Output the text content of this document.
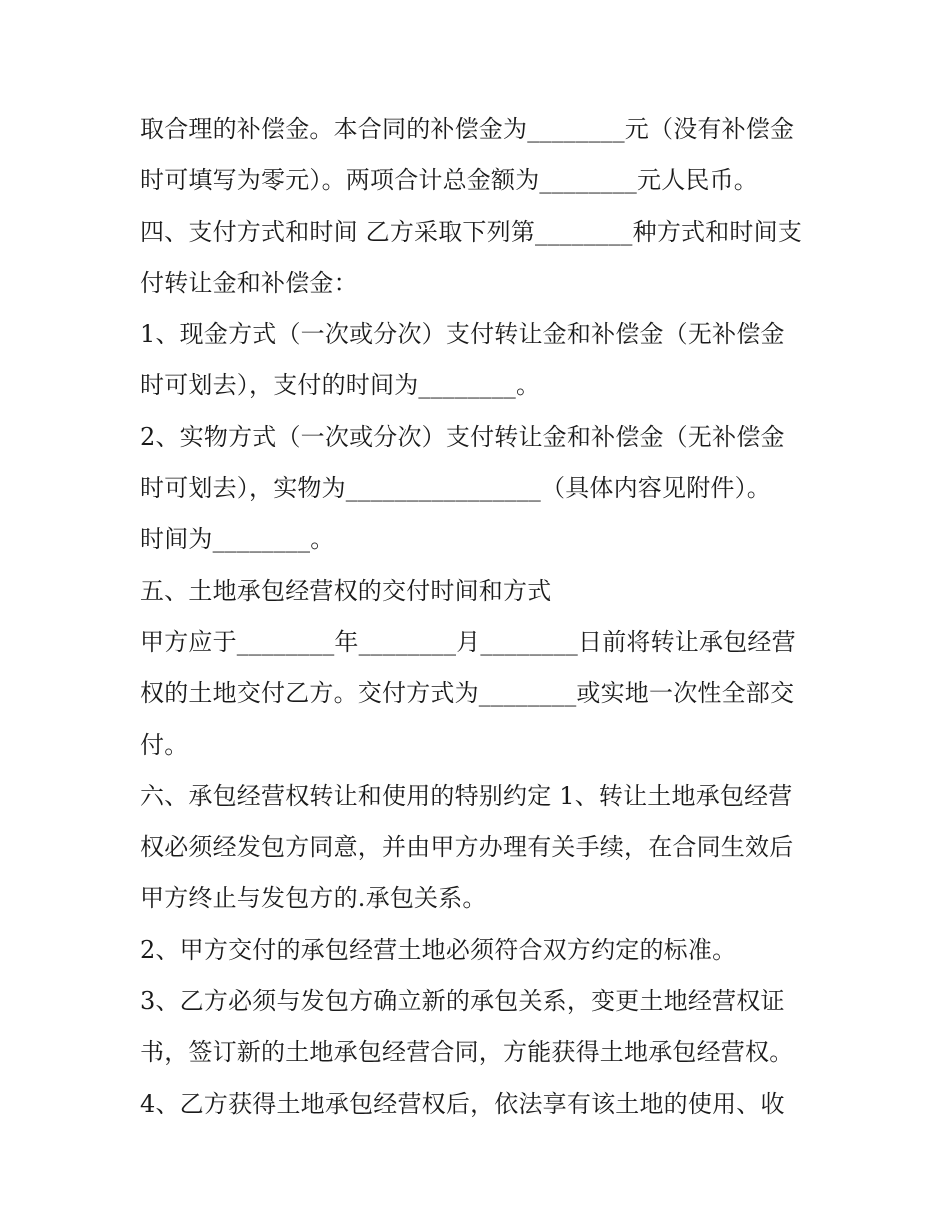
取合理的补偿金。本合同的补偿金为________元（没有补偿金
时可填写为零元）。两项合计总金额为________元人民币。
四、支付方式和时间 乙方采取下列第________种方式和时间支
付转让金和补偿金：
1、现金方式（一次或分次）支付转让金和补偿金（无补偿金
时可划去），支付的时间为________。
2、实物方式（一次或分次）支付转让金和补偿金（无补偿金
时可划去），实物为________________（具体内容见附件）。
时间为________。
五、土地承包经营权的交付时间和方式
甲方应于________年________月________日前将转让承包经营
权的土地交付乙方。交付方式为________或实地一次性全部交
付。
六、承包经营权转让和使用的特别约定 1、转让土地承包经营
权必须经发包方同意，并由甲方办理有关手续，在合同生效后
甲方终止与发包方的.承包关系。
2、甲方交付的承包经营土地必须符合双方约定的标准。
3、乙方必须与发包方确立新的承包关系，变更土地经营权证
书，签订新的土地承包经营合同，方能获得土地承包经营权。
4、乙方获得土地承包经营权后，依法享有该土地的使用、收
